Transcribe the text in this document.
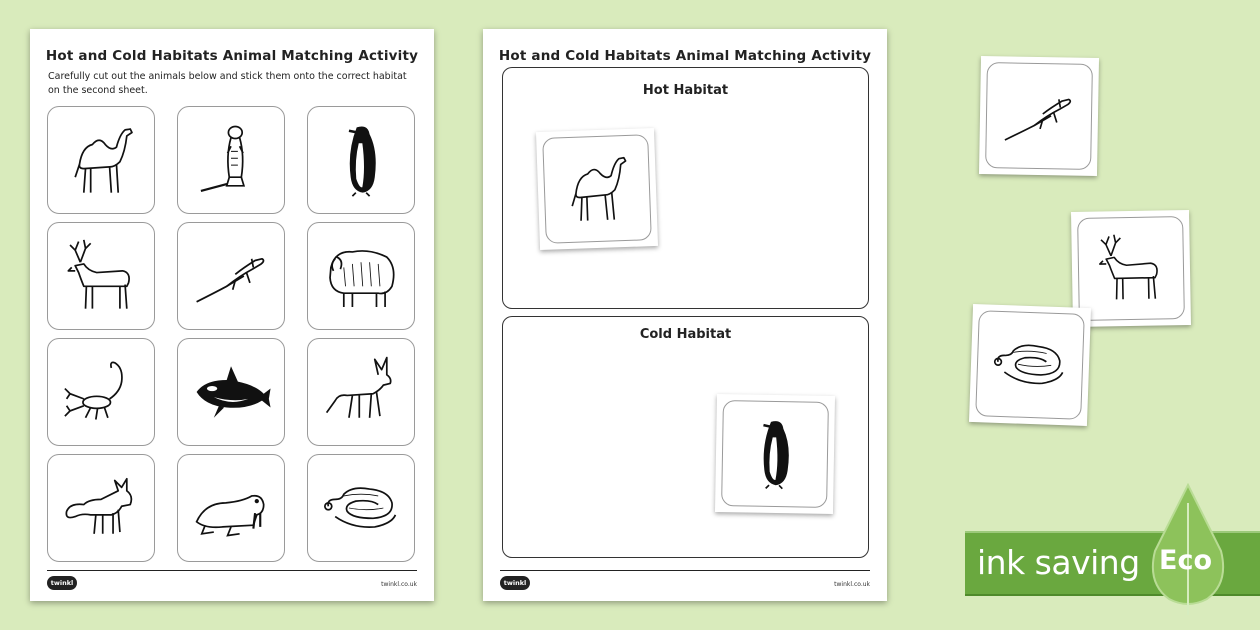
Hot and Cold Habitats Animal Matching Activity
Carefully cut out the animals below and stick them onto the correct habitat on the second sheet.
twinkl	twinkl.co.uk
Hot and Cold Habitats Animal Matching Activity
Hot Habitat
Cold Habitat
twinkl	twinkl.co.uk
ink saving Eco
